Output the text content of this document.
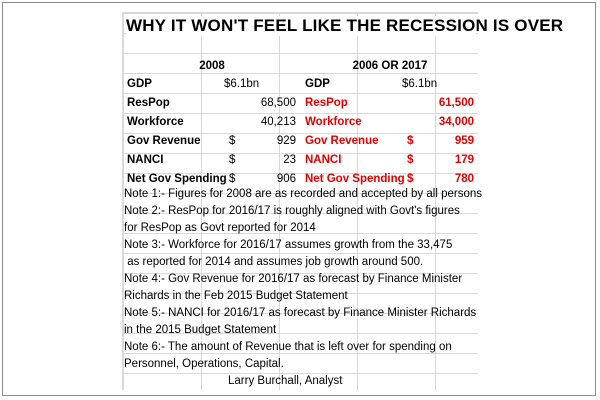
WHY IT WON'T FEEL LIKE THE RECESSION IS OVER
2008
GDP	$6.1bn
ResPop	68,500
Workforce	40,213
Gov Revenue $	929
NANCI	$	23
Net Gov Spending $	906
2006 OR 2017
GDP	$6.1bn
ResPop	61,500
Workforce	34,000
Gov Revenue $	959
NANCI	$	179
Net Gov Spending $	780
Note 1:- Figures for 2008 are as recorded and accepted by all persons
Note 2:- ResPop for 2016/17 is roughly aligned with Govt's figures
for ResPop as Govt reported for 2014
Note 3:- Workforce for 2016/17 assumes growth from the 33,475
as reported for 2014 and assumes job growth around 500.
Note 4:- Gov Revenue for 2016/17 as forecast by Finance Minister
Richards in the Feb 2015 Budget Statement
Note 5:- NANCI for 2016/17 as forecast by Finance Minister Richards
in the 2015 Budget Statement
Note 6:- The amount of Revenue that is left over for spending on
Personnel, Operations, Capital.
Larry Burchall, Analyst
